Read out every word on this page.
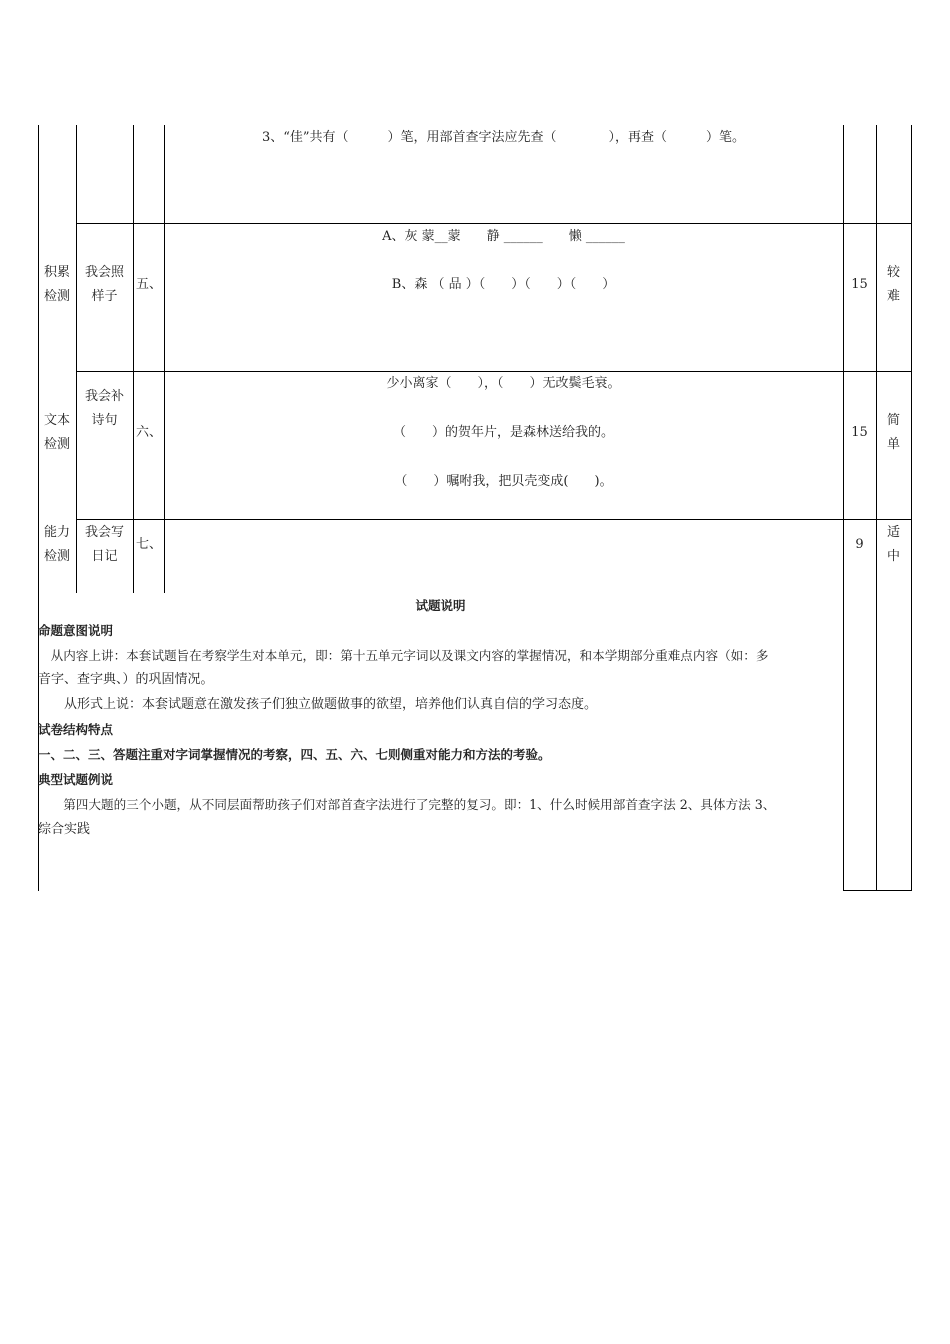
3、“佳”共有（　　　）笔，用部首查字法应先查（　　　　），再查（　　　）笔。
积累
检测
我会照
样子
五、
A、灰 蒙__蒙　　静 ______　　懒 ______
B、森 （ 品 ）（　　）（　　）（　　）	15
较
难
文本
检测
我会补
诗句
六、
少小离家（　　），（　　）无改鬓毛衰。
（　　）的贺年片，是森林送给我的。
（　　）嘱咐我，把贝壳变成(　　)。
15
简
单
能力
检测
我会写
日记
七、	9
适
中
试题说明
命题意图说明
　从内容上讲：本套试题旨在考察学生对本单元，即：第十五单元字词以及课文内容的掌握情况，和本学期部分重难点内容（如：多
音字、查字典、）的巩固情况。
　　从形式上说：本套试题意在激发孩子们独立做题做事的欲望，培养他们认真自信的学习态度。
试卷结构特点
一、二、三、答题注重对字词掌握情况的考察，四、五、六、七则侧重对能力和方法的考验。
典型试题例说
　　第四大题的三个小题，从不同层面帮助孩子们对部首查字法进行了完整的复习。即：1、什么时候用部首查字法 2、具体方法 3、
综合实践
